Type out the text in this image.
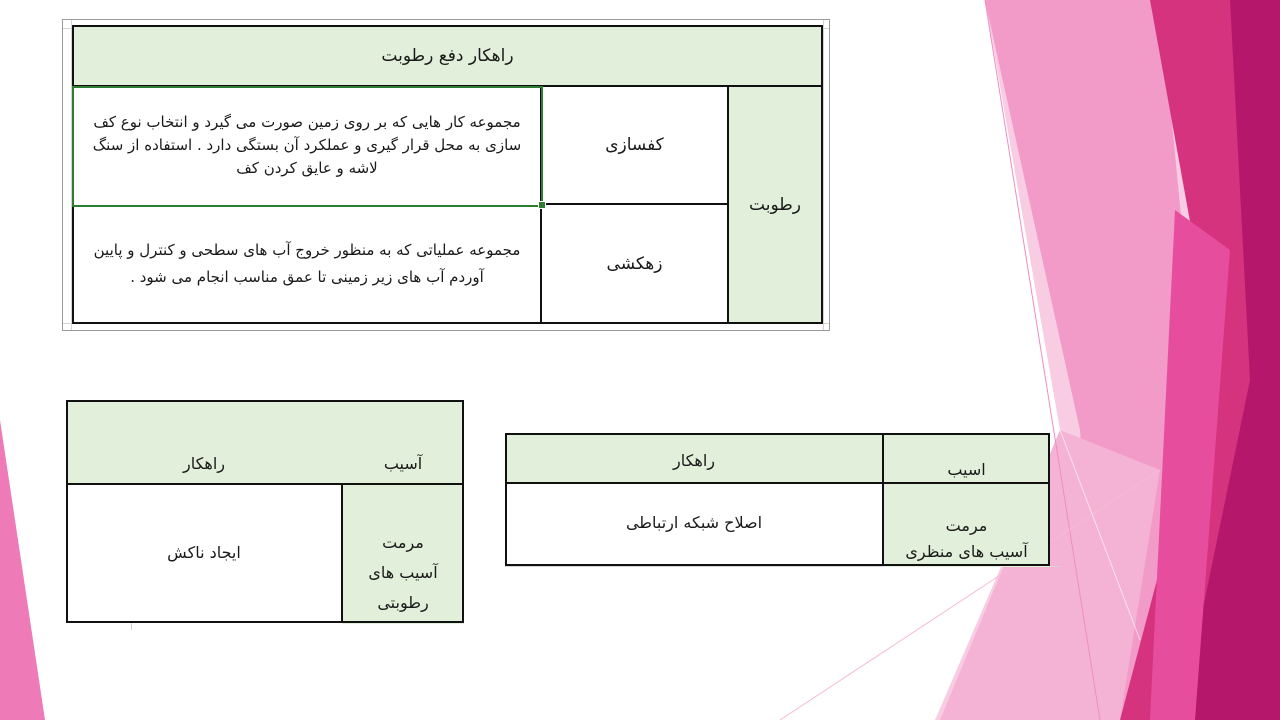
راهکار دفع رطوبت
رطوبت
کفسازی
زهکشی
مجموعه کار هایی که بر روی زمین صورت می گیرد و انتخاب نوع کف سازی به محل قرار گیری و عملکرد آن بستگی دارد . استفاده از سنگ لاشه و عایق کردن کف
مجموعه عملیاتی که به منظور خروج آب های سطحی و کنترل و پایین آوردم آب های زیر زمینی تا عمق مناسب انجام می شود .
آسیب
راهکار
مرمت
آسیب های رطوبتی
ایجاد ناکش
راهکار	اسیب
اصلاح شبکه ارتباطی	مرمت
آسیب های منظری
